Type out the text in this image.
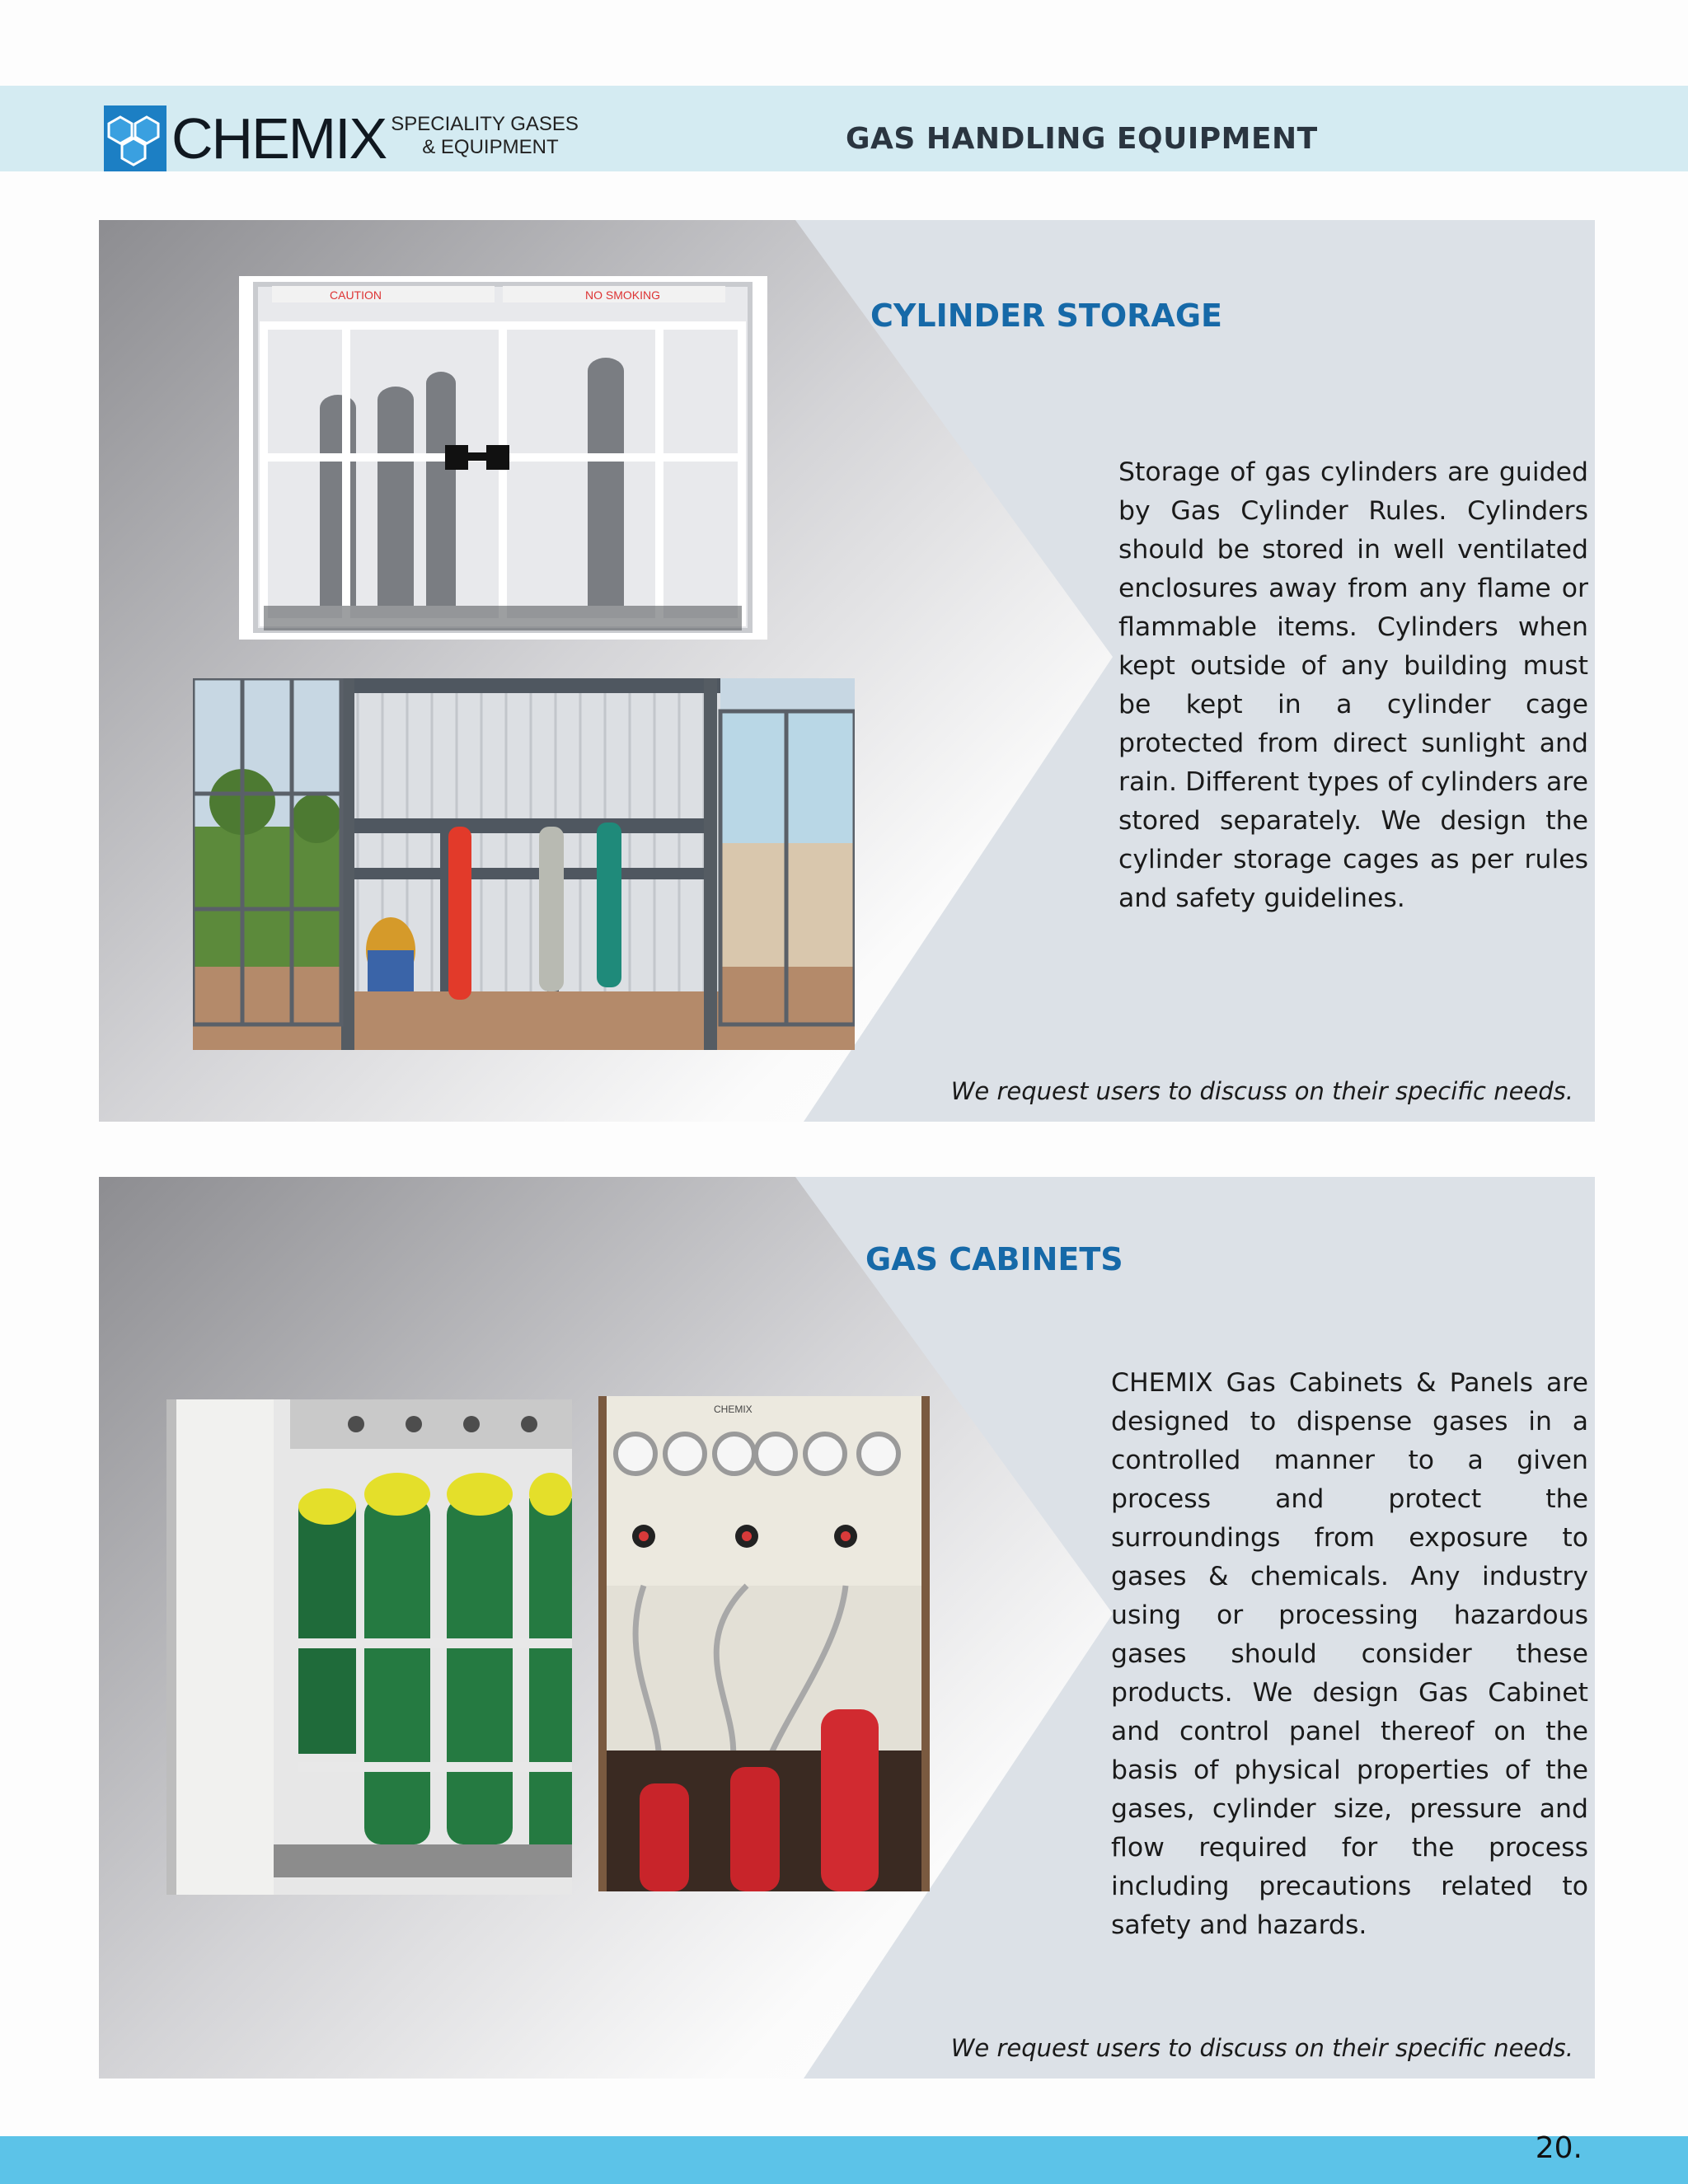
CHEMIX SPECIALITY GASES
& EQUIPMENT	GAS HANDLING EQUIPMENT
CAUTION	NO SMOKING
CYLINDER STORAGE
Storage of gas cylinders are guided by Gas Cylinder Rules. Cylinders should be stored in well ventilated enclosures away from any flame or flammable items. Cylinders when kept outside of any building must be kept in a cylinder cage protected from direct sunlight and rain. Different types of cylinders are stored separately. We design the cylinder storage cages as per rules and safety guidelines.
We request users to discuss on their specific needs.
CHEMIX
GAS CABINETS
CHEMIX Gas Cabinets & Panels are designed to dispense gases in a controlled manner to a given process and protect the surroundings from exposure to gases & chemicals. Any industry using or processing hazardous gases should consider these products. We design Gas Cabinet and control panel thereof on the basis of physical properties of the gases, cylinder size, pressure and flow required for the process including precautions related to safety and hazards.
We request users to discuss on their specific needs.
20.
